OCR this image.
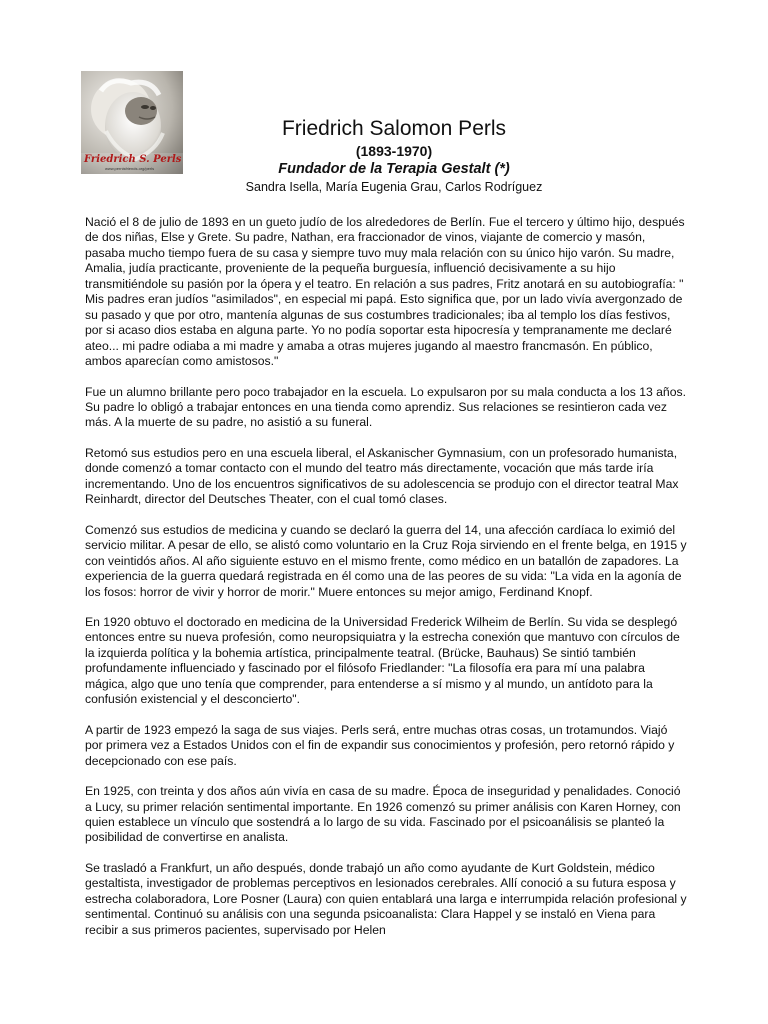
Friedrich S. Perls
www.pernisfriends.org/perls
Friedrich Salomon Perls
(1893-1970)
Fundador de la Terapia Gestalt (*)
Sandra Isella, María Eugenia Grau, Carlos Rodríguez

Nació el 8 de julio de 1893 en un gueto judío de los alrededores de Berlín. Fue el tercero y último hijo, después de dos niñas, Else y Grete. Su padre, Nathan, era fraccionador de vinos, viajante de comercio y masón, pasaba mucho tiempo fuera de su casa y siempre tuvo muy mala relación con su único hijo varón. Su madre, Amalia, judía practicante, proveniente de la pequeña burguesía, influenció decisivamente a su hijo transmitiéndole su pasión por la ópera y el teatro. En relación a sus padres, Fritz anotará en su autobiografía: " Mis padres eran judíos "asimilados", en especial mi papá. Esto significa que, por un lado vivía avergonzado de su pasado y que por otro, mantenía algunas de sus costumbres tradicionales; iba al templo los días festivos, por si acaso dios estaba en alguna parte. Yo no podía soportar esta hipocresía y tempranamente me declaré ateo... mi padre odiaba a mi madre y amaba a otras mujeres jugando al maestro francmasón. En público, ambos aparecían como amistosos."

Fue un alumno brillante pero poco trabajador en la escuela. Lo expulsaron por su mala conducta a los 13 años. Su padre lo obligó a trabajar entonces en una tienda como aprendiz. Sus relaciones se resintieron cada vez más. A la muerte de su padre, no asistió a su funeral.

Retomó sus estudios pero en una escuela liberal, el Askanischer Gymnasium, con un profesorado humanista, donde comenzó a tomar contacto con el mundo del teatro más directamente, vocación que más tarde iría incrementando. Uno de los encuentros significativos de su adolescencia se produjo con el director teatral Max Reinhardt, director del Deutsches Theater, con el cual tomó clases.

Comenzó sus estudios de medicina y cuando se declaró la guerra del 14, una afección cardíaca lo eximió del servicio militar. A pesar de ello, se alistó como voluntario en la Cruz Roja sirviendo en el frente belga, en 1915 y con veintidós años. Al año siguiente estuvo en el mismo frente, como médico en un batallón de zapadores. La experiencia de la guerra quedará registrada en él como una de las peores de su vida: "La vida en la agonía de los fosos: horror de vivir y horror de morir." Muere entonces su mejor amigo, Ferdinand Knopf.

En 1920 obtuvo el doctorado en medicina de la Universidad Frederick Wilheim de Berlín. Su vida se desplegó entonces entre su nueva profesión, como neuropsiquiatra y la estrecha conexión que mantuvo con círculos de la izquierda política y la bohemia artística, principalmente teatral. (Brücke, Bauhaus) Se sintió también profundamente influenciado y fascinado por el filósofo Friedlander: "La filosofía era para mí una palabra mágica, algo que uno tenía que comprender, para entenderse a sí mismo y al mundo, un antídoto para la confusión existencial y el desconcierto".

A partir de 1923 empezó la saga de sus viajes. Perls será, entre muchas otras cosas, un trotamundos. Viajó por primera vez a Estados Unidos con el fin de expandir sus conocimientos y profesión, pero retornó rápido y decepcionado con ese país.

En 1925, con treinta y dos años aún vivía en casa de su madre. Época de inseguridad y penalidades. Conoció a Lucy, su primer relación sentimental importante. En 1926 comenzó su primer análisis con Karen Horney, con quien establece un vínculo que sostendrá a lo largo de su vida. Fascinado por el psicoanálisis se planteó la posibilidad de convertirse en analista.

Se trasladó a Frankfurt, un año después, donde trabajó un año como ayudante de Kurt Goldstein, médico gestaltista, investigador de problemas perceptivos en lesionados cerebrales. Allí conoció a su futura esposa y estrecha colaboradora, Lore Posner (Laura) con quien entablará una larga e interrumpida relación profesional y sentimental. Continuó su análisis con una segunda psicoanalista: Clara Happel y se instaló en Viena para recibir a sus primeros pacientes, supervisado por Helen
